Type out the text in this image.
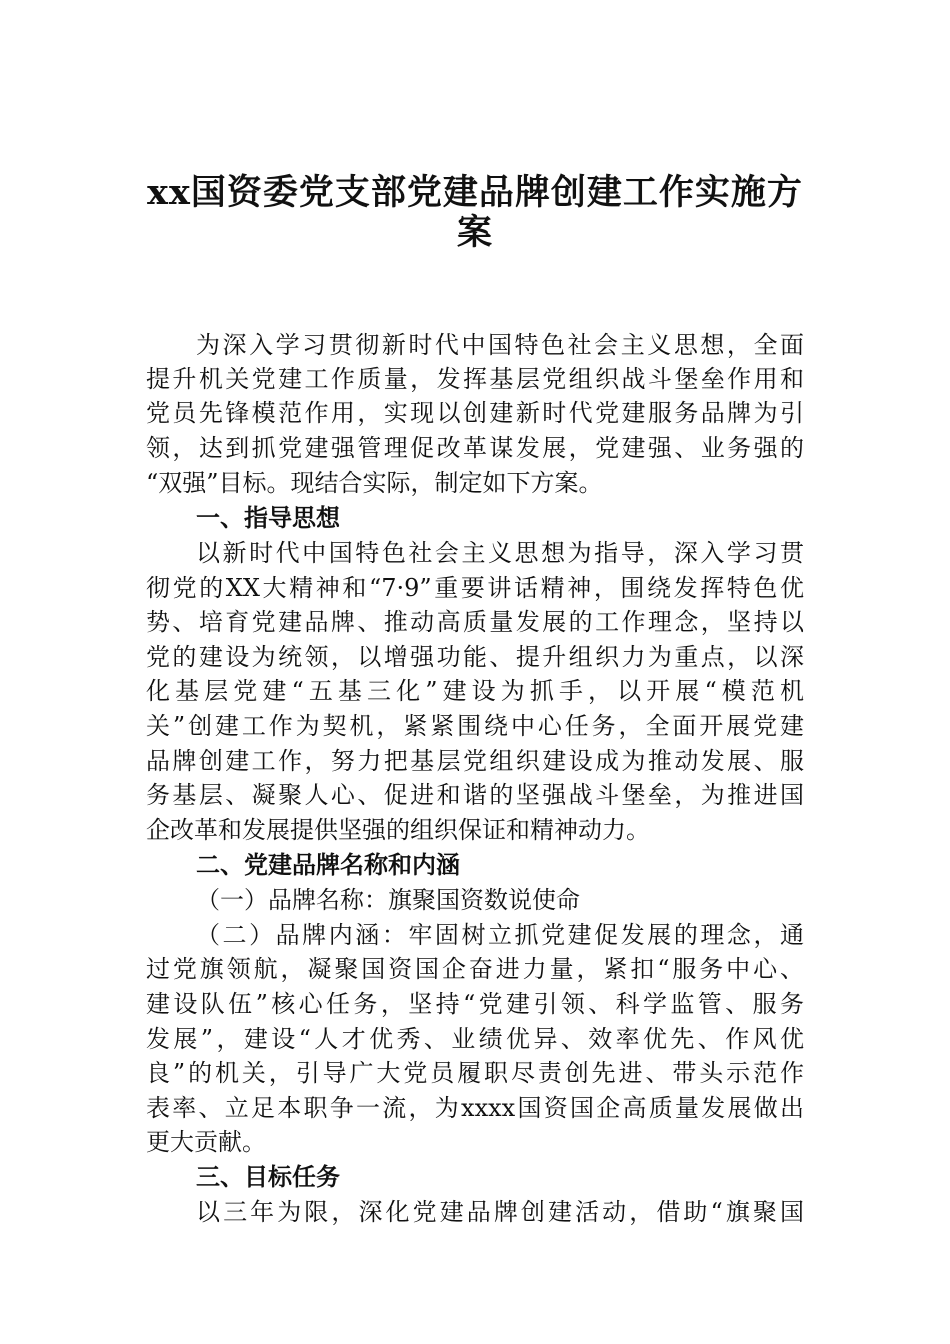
xx国资委党支部党建品牌创建工作实施方
案
为深入学习贯彻新时代中国特色社会主义思想，全面
提升机关党建工作质量，发挥基层党组织战斗堡垒作用和
党员先锋模范作用，实现以创建新时代党建服务品牌为引
领，达到抓党建强管理促改革谋发展，党建强、业务强的
“双强”目标。现结合实际，制定如下方案。
一、指导思想
以新时代中国特色社会主义思想为指导，深入学习贯
彻党的XX大精神和“7·9”重要讲话精神，围绕发挥特色优
势、培育党建品牌、推动高质量发展的工作理念，坚持以
党的建设为统领，以增强功能、提升组织力为重点，以深
化基层党建“五基三化”建设为抓手，以开展“模范机
关”创建工作为契机，紧紧围绕中心任务，全面开展党建
品牌创建工作，努力把基层党组织建设成为推动发展、服
务基层、凝聚人心、促进和谐的坚强战斗堡垒，为推进国
企改革和发展提供坚强的组织保证和精神动力。
二、党建品牌名称和内涵
（一）品牌名称：旗聚国资数说使命
（二）品牌内涵：牢固树立抓党建促发展的理念，通
过党旗领航，凝聚国资国企奋进力量，紧扣“服务中心、
建设队伍”核心任务，坚持“党建引领、科学监管、服务
发展”，建设“人才优秀、业绩优异、效率优先、作风优
良”的机关，引导广大党员履职尽责创先进、带头示范作
表率、立足本职争一流，为xxxx国资国企高质量发展做出
更大贡献。
三、目标任务
以三年为限，深化党建品牌创建活动，借助“旗聚国
